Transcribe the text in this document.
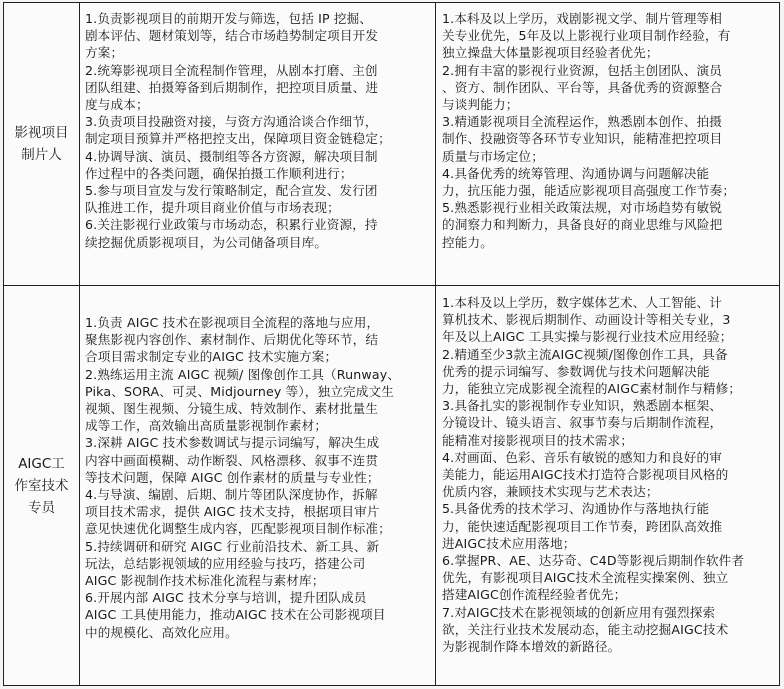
影视项目制片人
1.负责影视项目的前期开发与筛选，包括 IP 挖掘、
剧本评估、题材策划等，结合市场趋势制定项目开发
方案；
2.统筹影视项目全流程制作管理，从剧本打磨、主创
团队组建、拍摄筹备到后期制作，把控项目质量、进
度与成本；
3.负责项目投融资对接，与资方沟通洽谈合作细节，
制定项目预算并严格把控支出，保障项目资金链稳定；
4.协调导演、演员、摄制组等各方资源，解决项目制
作过程中的各类问题，确保拍摄工作顺利进行；
5.参与项目宣发与发行策略制定，配合宣发、发行团
队推进工作，提升项目商业价值与市场表现；
6.关注影视行业政策与市场动态，积累行业资源，持
续挖掘优质影视项目，为公司储备项目库。
1.本科及以上学历，戏剧影视文学、制片管理等相
关专业优先，5年及以上影视行业项目制作经验，有
独立操盘大体量影视项目经验者优先；
2.拥有丰富的影视行业资源，包括主创团队、演员
、资方、制作团队、平台等，具备优秀的资源整合
与谈判能力；
3.精通影视项目全流程运作，熟悉剧本创作、拍摄
制作、投融资等各环节专业知识，能精准把控项目
质量与市场定位；
4.具备优秀的统筹管理、沟通协调与问题解决能
力，抗压能力强，能适应影视项目高强度工作节奏；
5.熟悉影视行业相关政策法规，对市场趋势有敏锐
的洞察力和判断力，具备良好的商业思维与风险把
控能力。
AIGC工作室技术专员
1.负责 AIGC 技术在影视项目全流程的落地与应用，
聚焦影视内容创作、素材制作、后期优化等环节，结
合项目需求制定专业的AIGC 技术实施方案；
2.熟练运用主流 AIGC 视频/ 图像创作工具（Runway、
Pika、SORA、可灵、Midjourney 等），独立完成文生
视频、图生视频、分镜生成、特效制作、素材批量生
成等工作，高效输出高质量影视制作素材；
3.深耕 AIGC 技术参数调试与提示词编写，解决生成
内容中画面模糊、动作断裂、风格漂移、叙事不连贯
等技术问题，保障 AIGC 创作素材的质量与专业性；
4.与导演、编剧、后期、制片等团队深度协作，拆解
项目技术需求，提供 AIGC 技术支持，根据项目审片
意见快速优化调整生成内容，匹配影视项目制作标准；
5.持续调研和研究 AIGC 行业前沿技术、新工具、新
玩法，总结影视领域的应用经验与技巧，搭建公司
AIGC 影视制作技术标准化流程与素材库；
6.开展内部 AIGC 技术分享与培训，提升团队成员
AIGC 工具使用能力，推动AIGC 技术在公司影视项目
中的规模化、高效化应用。
1.本科及以上学历，数字媒体艺术、人工智能、计
算机技术、影视后期制作、动画设计等相关专业，3
年及以上AIGC 工具实操与影视行业技术应用经验；
2.精通至少3款主流AIGC视频/图像创作工具，具备
优秀的提示词编写、参数调优与技术问题解决能
力，能独立完成影视全流程的AIGC素材制作与精修；
3.具备扎实的影视制作专业知识，熟悉剧本框架、
分镜设计、镜头语言、叙事节奏与后期制作流程，
能精准对接影视项目的技术需求；
4.对画面、色彩、音乐有敏锐的感知力和良好的审
美能力，能运用AIGC技术打造符合影视项目风格的
优质内容，兼顾技术实现与艺术表达；
5.具备优秀的技术学习、沟通协作与落地执行能
力，能快速适配影视项目工作节奏，跨团队高效推
进AIGC技术应用落地；
6.掌握PR、AE、达芬奇、C4D等影视后期制作软件者
优先，有影视项目AIGC技术全流程实操案例、独立
搭建AIGC创作流程经验者优先；
7.对AIGC技术在影视领域的创新应用有强烈探索
欲，关注行业技术发展动态，能主动挖掘AIGC技术
为影视制作降本增效的新路径。
